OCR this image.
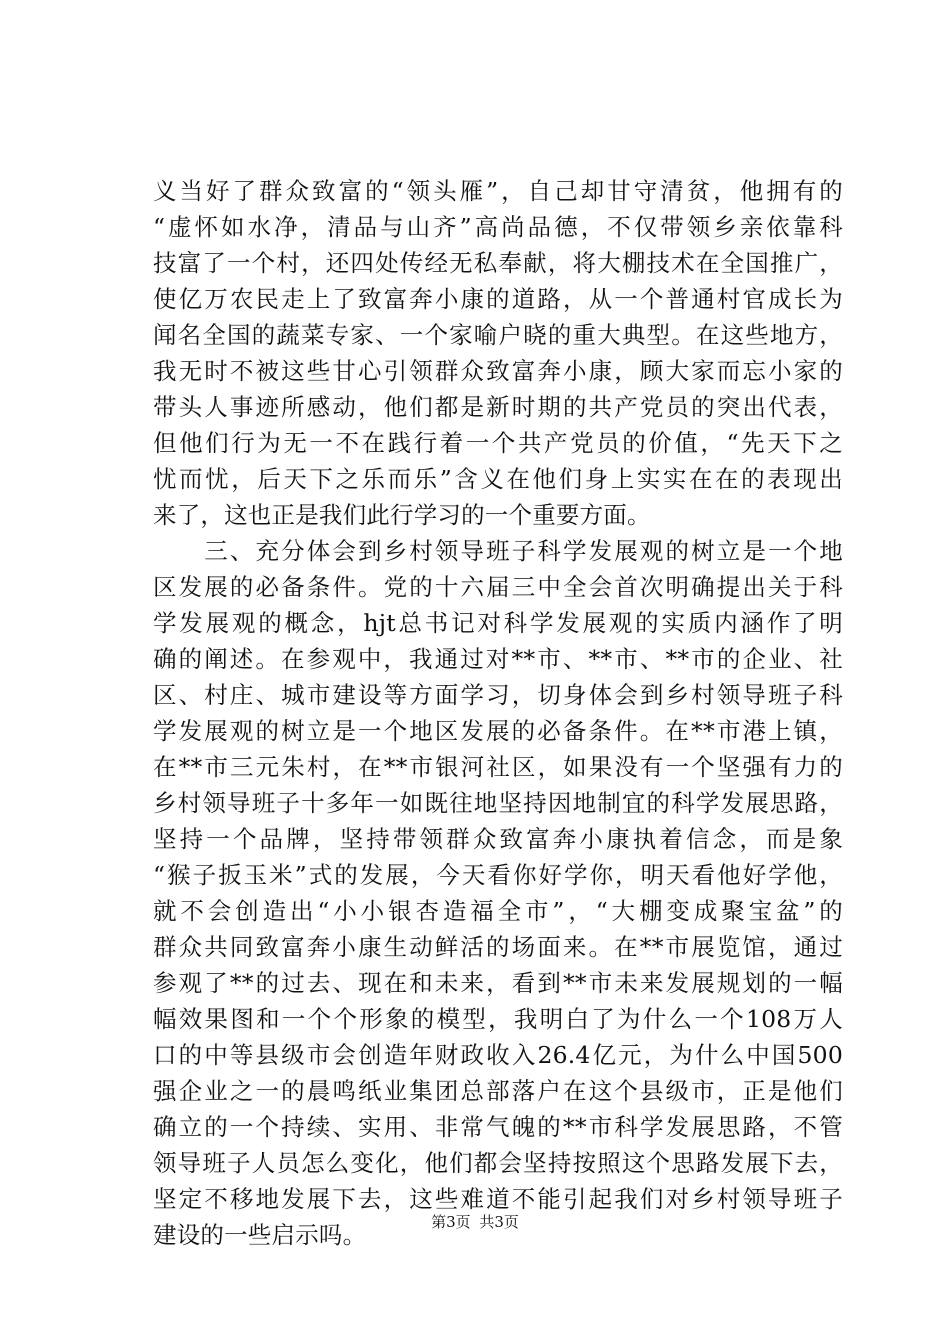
义当好了群众致富的“领头雁”，自己却甘守清贫，他拥有的
“虚怀如水净，清品与山齐”高尚品德，不仅带领乡亲依靠科
技富了一个村，还四处传经无私奉献，将大棚技术在全国推广，
使亿万农民走上了致富奔小康的道路，从一个普通村官成长为
闻名全国的蔬菜专家、一个家喻户晓的重大典型。在这些地方，
我无时不被这些甘心引领群众致富奔小康，顾大家而忘小家的
带头人事迹所感动，他们都是新时期的共产党员的突出代表，
但他们行为无一不在践行着一个共产党员的价值，“先天下之
忧而忧，后天下之乐而乐”含义在他们身上实实在在的表现出
来了，这也正是我们此行学习的一个重要方面。
　　三、充分体会到乡村领导班子科学发展观的树立是一个地
区发展的必备条件。党的十六届三中全会首次明确提出关于科
学发展观的概念，hjt总书记对科学发展观的实质内涵作了明
确的阐述。在参观中，我通过对**市、**市、**市的企业、社
区、村庄、城市建设等方面学习，切身体会到乡村领导班子科
学发展观的树立是一个地区发展的必备条件。在**市港上镇，
在**市三元朱村，在**市银河社区，如果没有一个坚强有力的
乡村领导班子十多年一如既往地坚持因地制宜的科学发展思路，
坚持一个品牌，坚持带领群众致富奔小康执着信念，而是象
“猴子扳玉米”式的发展，今天看你好学你，明天看他好学他，
就不会创造出“小小银杏造福全市”，“大棚变成聚宝盆”的
群众共同致富奔小康生动鲜活的场面来。在**市展览馆，通过
参观了**的过去、现在和未来，看到**市未来发展规划的一幅
幅效果图和一个个形象的模型，我明白了为什么一个108万人
口的中等县级市会创造年财政收入26.4亿元，为什么中国500
强企业之一的晨鸣纸业集团总部落户在这个县级市，正是他们
确立的一个持续、实用、非常气魄的**市科学发展思路，不管
领导班子人员怎么变化，他们都会坚持按照这个思路发展下去，
坚定不移地发展下去，这些难道不能引起我们对乡村领导班子
建设的一些启示吗。	第3页 共3页
